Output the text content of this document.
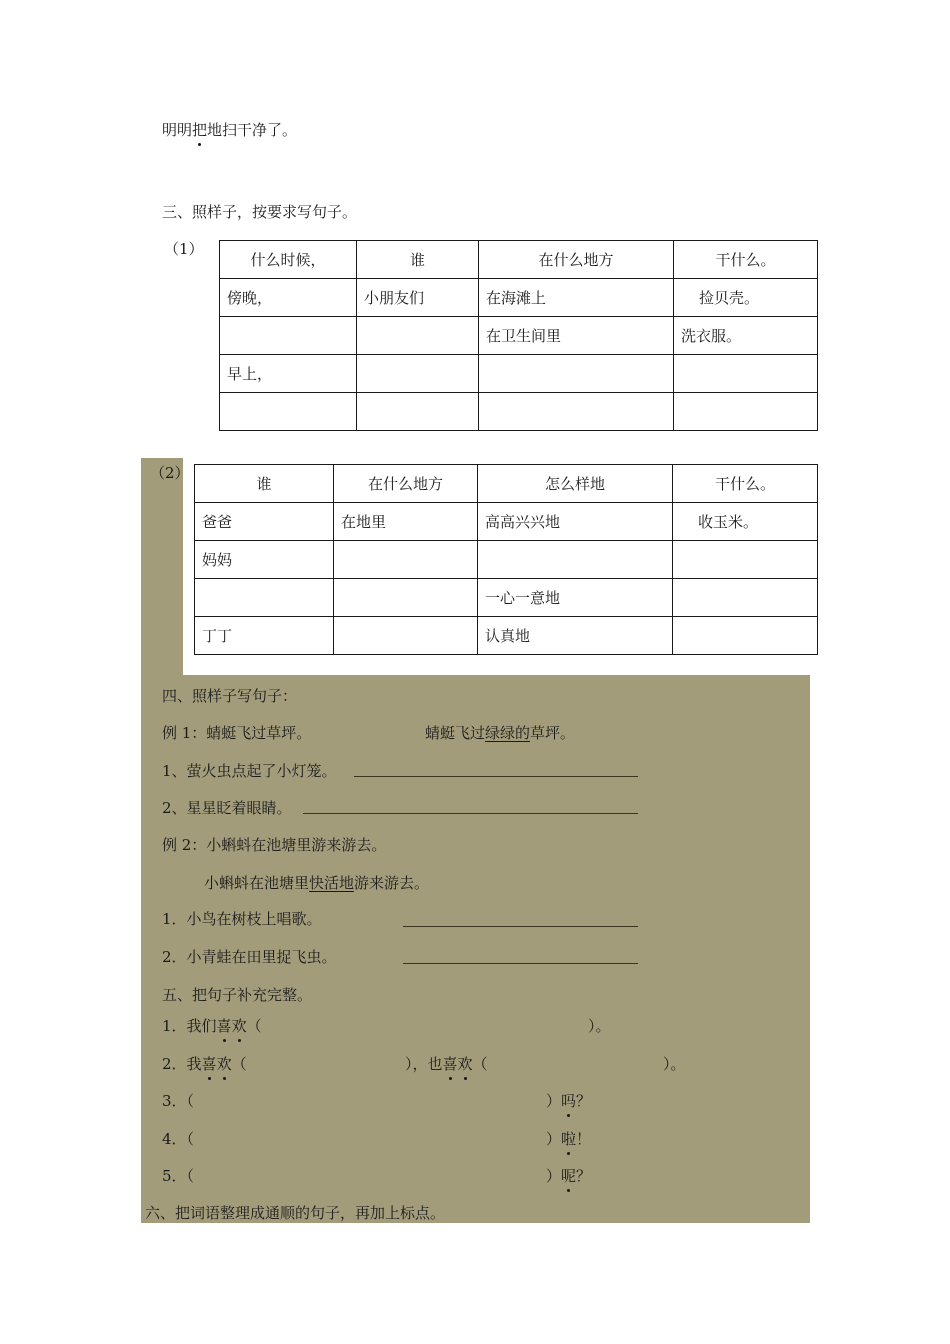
明明把地扫干净了。
三、照样子，按要求写句子。
（1）
什么时候，	谁	在什么地方	干什么。
傍晚，	小朋友们	在海滩上	捡贝壳。
		在卫生间里	洗衣服。
早上，			

（2）
谁	在什么地方	怎么样地	干什么。
爸爸	在地里	高高兴兴地	收玉米。
妈妈			
		一心一意地	
丁丁		认真地	
四、照样子写句子：
例 1：蜻蜓飞过草坪。	蜻蜓飞过绿绿的草坪。
1、萤火虫点起了小灯笼。
2、星星眨着眼睛。
例 2：小蝌蚪在池塘里游来游去。
小蝌蚪在池塘里快活地游来游去。
1．小鸟在树枝上唱歌。
2．小青蛙在田里捉飞虫。
五、把句子补充完整。
1．我们喜欢（	）。
2．我喜欢（	），也喜欢（	）。
3．（	）吗？
4．（	）啦！
5．（	）呢？
六、把词语整理成通顺的句子，再加上标点。
